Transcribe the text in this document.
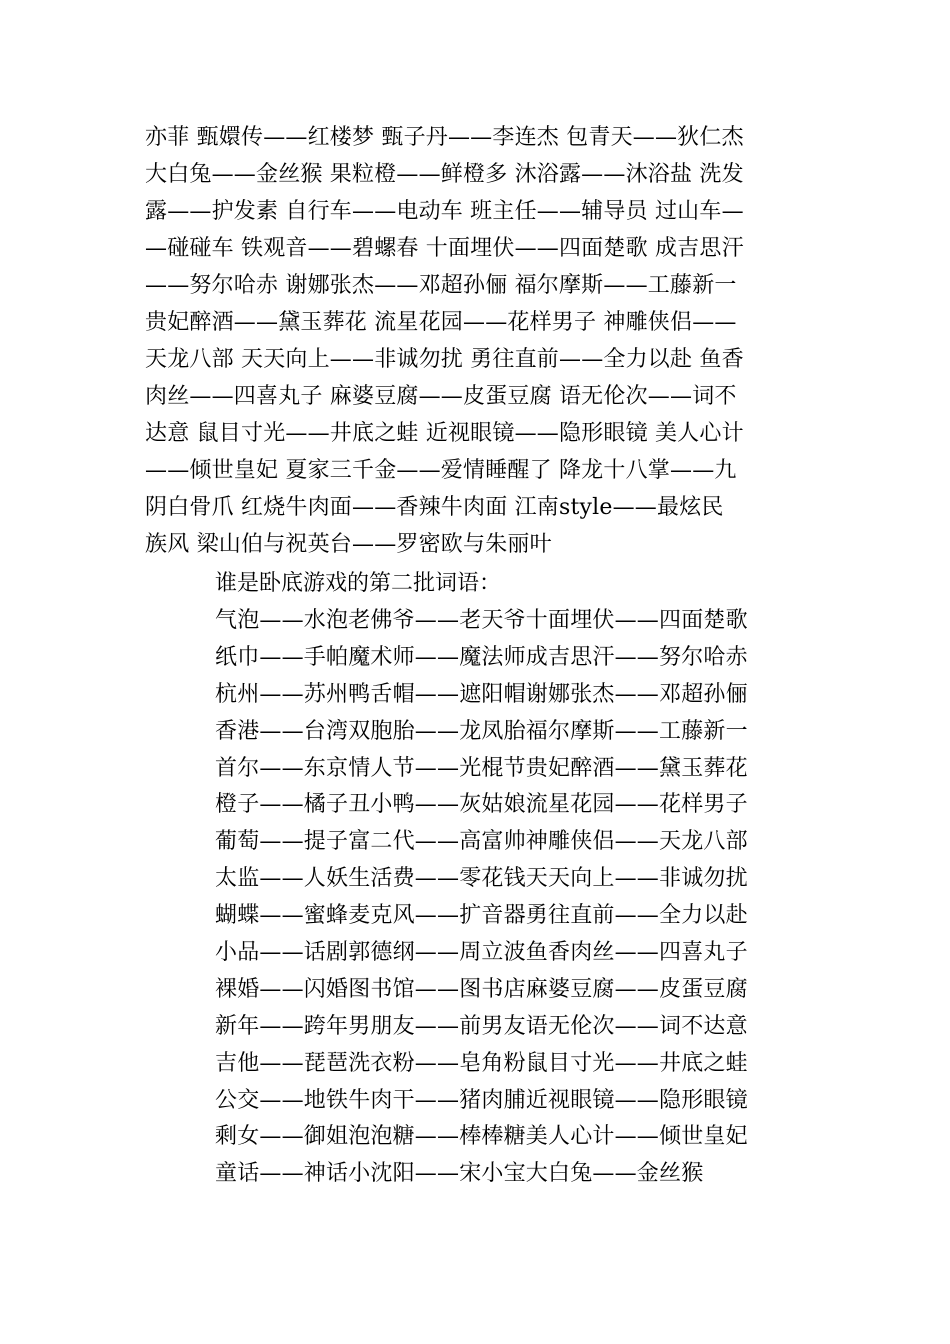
亦菲 甄嬛传——红楼梦 甄子丹——李连杰 包青天——狄仁杰
大白兔——金丝猴 果粒橙——鲜橙多 沐浴露——沐浴盐 洗发
露——护发素 自行车——电动车 班主任——辅导员 过山车—
—碰碰车 铁观音——碧螺春 十面埋伏——四面楚歌 成吉思汗
——努尔哈赤 谢娜张杰——邓超孙俪 福尔摩斯——工藤新一
贵妃醉酒——黛玉葬花 流星花园——花样男子 神雕侠侣——
天龙八部 天天向上——非诚勿扰 勇往直前——全力以赴 鱼香
肉丝——四喜丸子 麻婆豆腐——皮蛋豆腐 语无伦次——词不
达意 鼠目寸光——井底之蛙 近视眼镜——隐形眼镜 美人心计
——倾世皇妃 夏家三千金——爱情睡醒了 降龙十八掌——九
阴白骨爪 红烧牛肉面——香辣牛肉面 江南style——最炫民
族风 梁山伯与祝英台——罗密欧与朱丽叶
谁是卧底游戏的第二批词语：
气泡——水泡老佛爷——老天爷十面埋伏——四面楚歌
纸巾——手帕魔术师——魔法师成吉思汗——努尔哈赤
杭州——苏州鸭舌帽——遮阳帽谢娜张杰——邓超孙俪
香港——台湾双胞胎——龙凤胎福尔摩斯——工藤新一
首尔——东京情人节——光棍节贵妃醉酒——黛玉葬花
橙子——橘子丑小鸭——灰姑娘流星花园——花样男子
葡萄——提子富二代——高富帅神雕侠侣——天龙八部
太监——人妖生活费——零花钱天天向上——非诚勿扰
蝴蝶——蜜蜂麦克风——扩音器勇往直前——全力以赴
小品——话剧郭德纲——周立波鱼香肉丝——四喜丸子
裸婚——闪婚图书馆——图书店麻婆豆腐——皮蛋豆腐
新年——跨年男朋友——前男友语无伦次——词不达意
吉他——琵琶洗衣粉——皂角粉鼠目寸光——井底之蛙
公交——地铁牛肉干——猪肉脯近视眼镜——隐形眼镜
剩女——御姐泡泡糖——棒棒糖美人心计——倾世皇妃
童话——神话小沈阳——宋小宝大白兔——金丝猴
